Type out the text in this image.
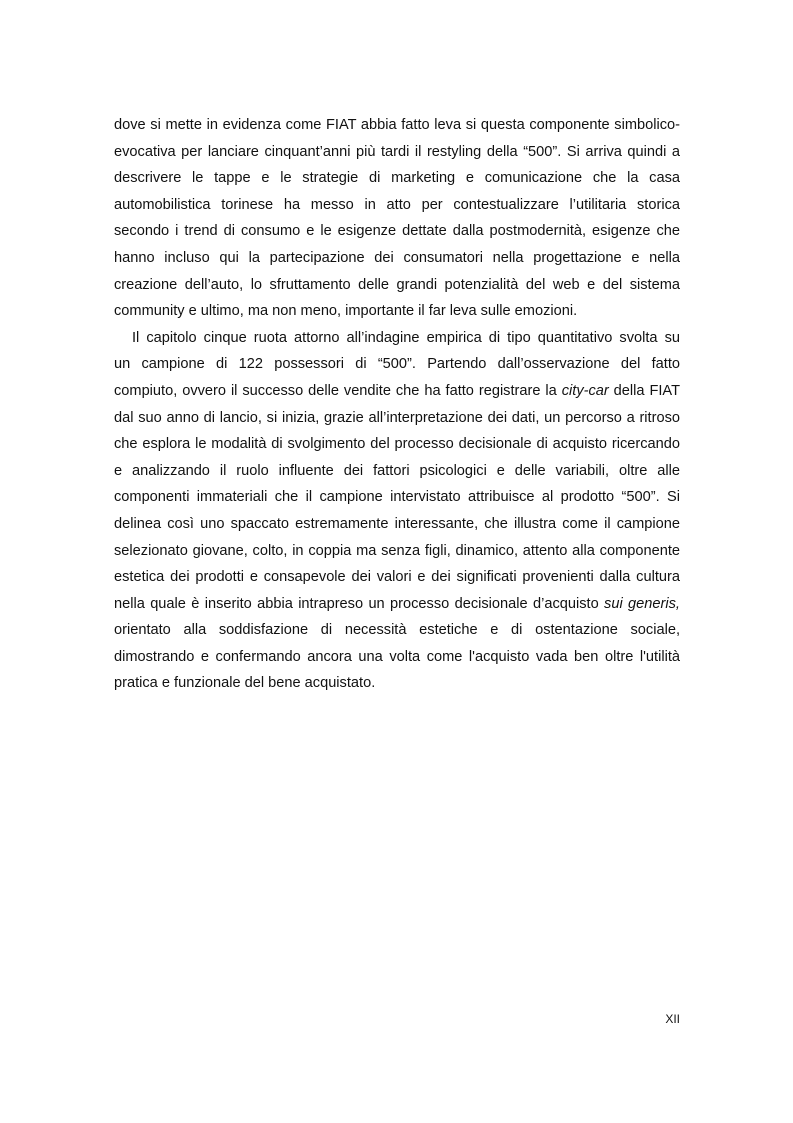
dove si mette in evidenza come FIAT abbia fatto leva si questa componente simbolico-
evocativa per lanciare cinquant’anni più tardi il restyling della “500”. Si arriva quindi a
descrivere le tappe e le strategie di marketing e comunicazione che la casa
automobilistica torinese ha messo in atto per contestualizzare l’utilitaria storica
secondo i trend di consumo e le esigenze dettate dalla postmodernità, esigenze che
hanno incluso qui la partecipazione dei consumatori nella progettazione e nella
creazione dell’auto, lo sfruttamento delle grandi potenzialità del web e del sistema
community e ultimo, ma non meno, importante il far leva sulle emozioni.
Il capitolo cinque ruota attorno all’indagine empirica di tipo quantitativo svolta su
un campione di 122 possessori di “500”. Partendo dall’osservazione del fatto
compiuto, ovvero il successo delle vendite che ha fatto registrare la city-car della FIAT
dal suo anno di lancio, si inizia, grazie all’interpretazione dei dati, un percorso a ritroso
che esplora le modalità di svolgimento del processo decisionale di acquisto ricercando
e analizzando il ruolo influente dei fattori psicologici e delle variabili, oltre alle
componenti immateriali che il campione intervistato attribuisce al prodotto “500”. Si
delinea così uno spaccato estremamente interessante, che illustra come il campione
selezionato giovane, colto, in coppia ma senza figli, dinamico, attento alla componente
estetica dei prodotti e consapevole dei valori e dei significati provenienti dalla cultura
nella quale è inserito abbia intrapreso un processo decisionale d’acquisto sui generis,
orientato alla soddisfazione di necessità estetiche e di ostentazione sociale,
dimostrando e confermando ancora una volta come l'acquisto vada ben oltre l'utilità
pratica e funzionale del bene acquistato.
XII
